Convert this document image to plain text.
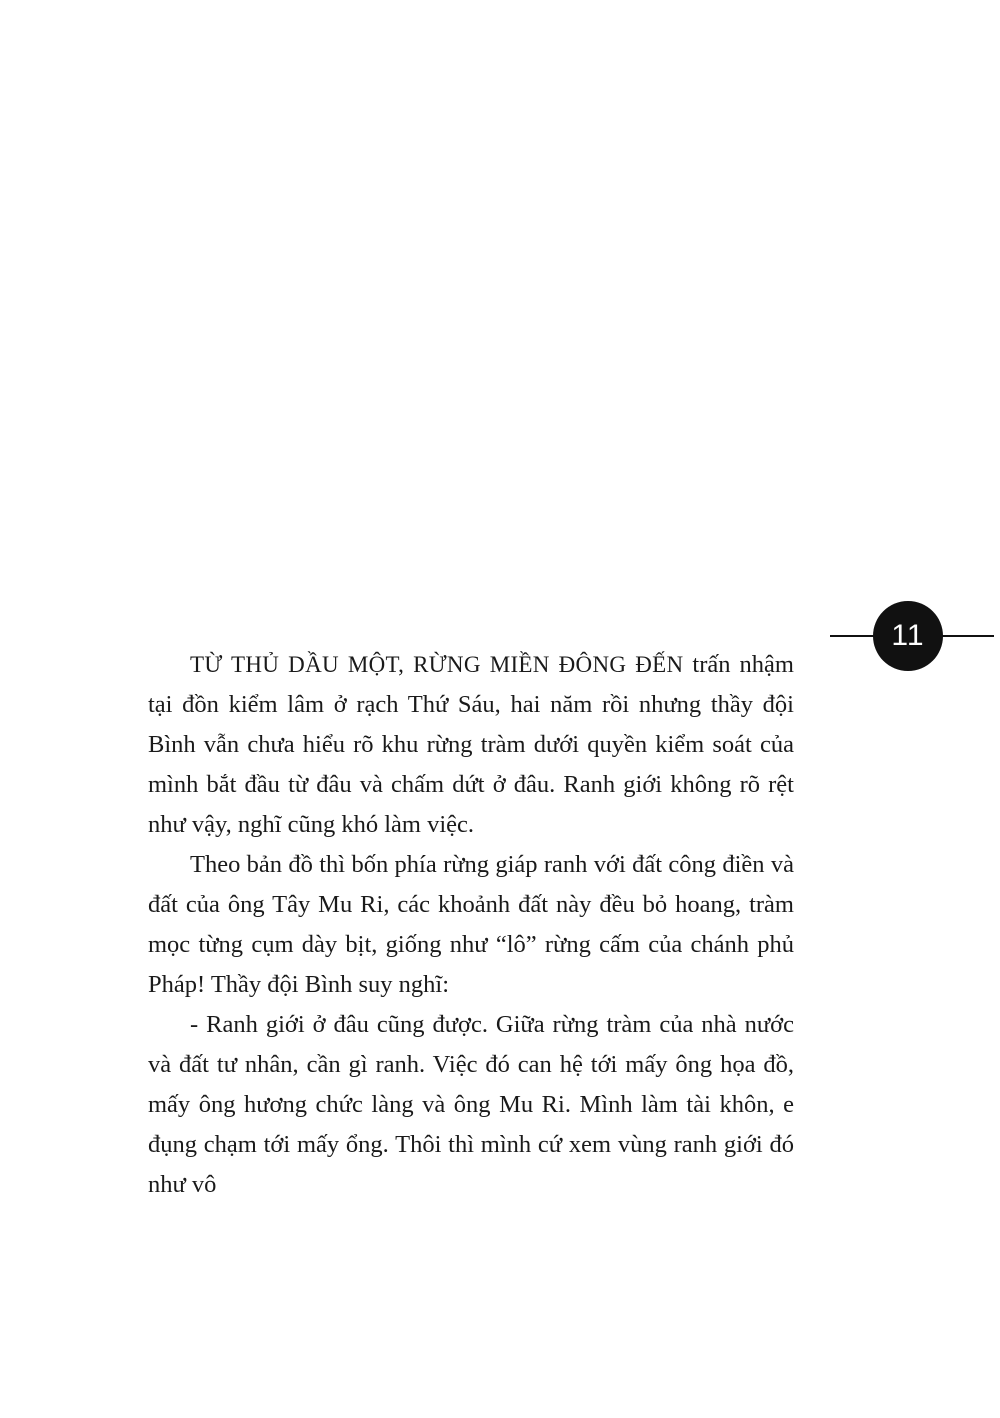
11

TỪ THỦ DẦU MỘT, RỪNG MIỀN ĐÔNG ĐẾN trấn nhậm tại đồn kiểm lâm ở rạch Thứ Sáu, hai năm rồi nhưng thầy đội Bình vẫn chưa hiểu rõ khu rừng tràm dưới quyền kiểm soát của mình bắt đầu từ đâu và chấm dứt ở đâu. Ranh giới không rõ rệt như vậy, nghĩ cũng khó làm việc.

Theo bản đồ thì bốn phía rừng giáp ranh với đất công điền và đất của ông Tây Mu Ri, các khoảnh đất này đều bỏ hoang, tràm mọc từng cụm dày bịt, giống như “lô” rừng cấm của chánh phủ Pháp! Thầy đội Bình suy nghĩ:

- Ranh giới ở đâu cũng được. Giữa rừng tràm của nhà nước và đất tư nhân, cần gì ranh. Việc đó can hệ tới mấy ông họa đồ, mấy ông hương chức làng và ông Mu Ri. Mình làm tài khôn, e đụng chạm tới mấy ổng. Thôi thì mình cứ xem vùng ranh giới đó như vô
